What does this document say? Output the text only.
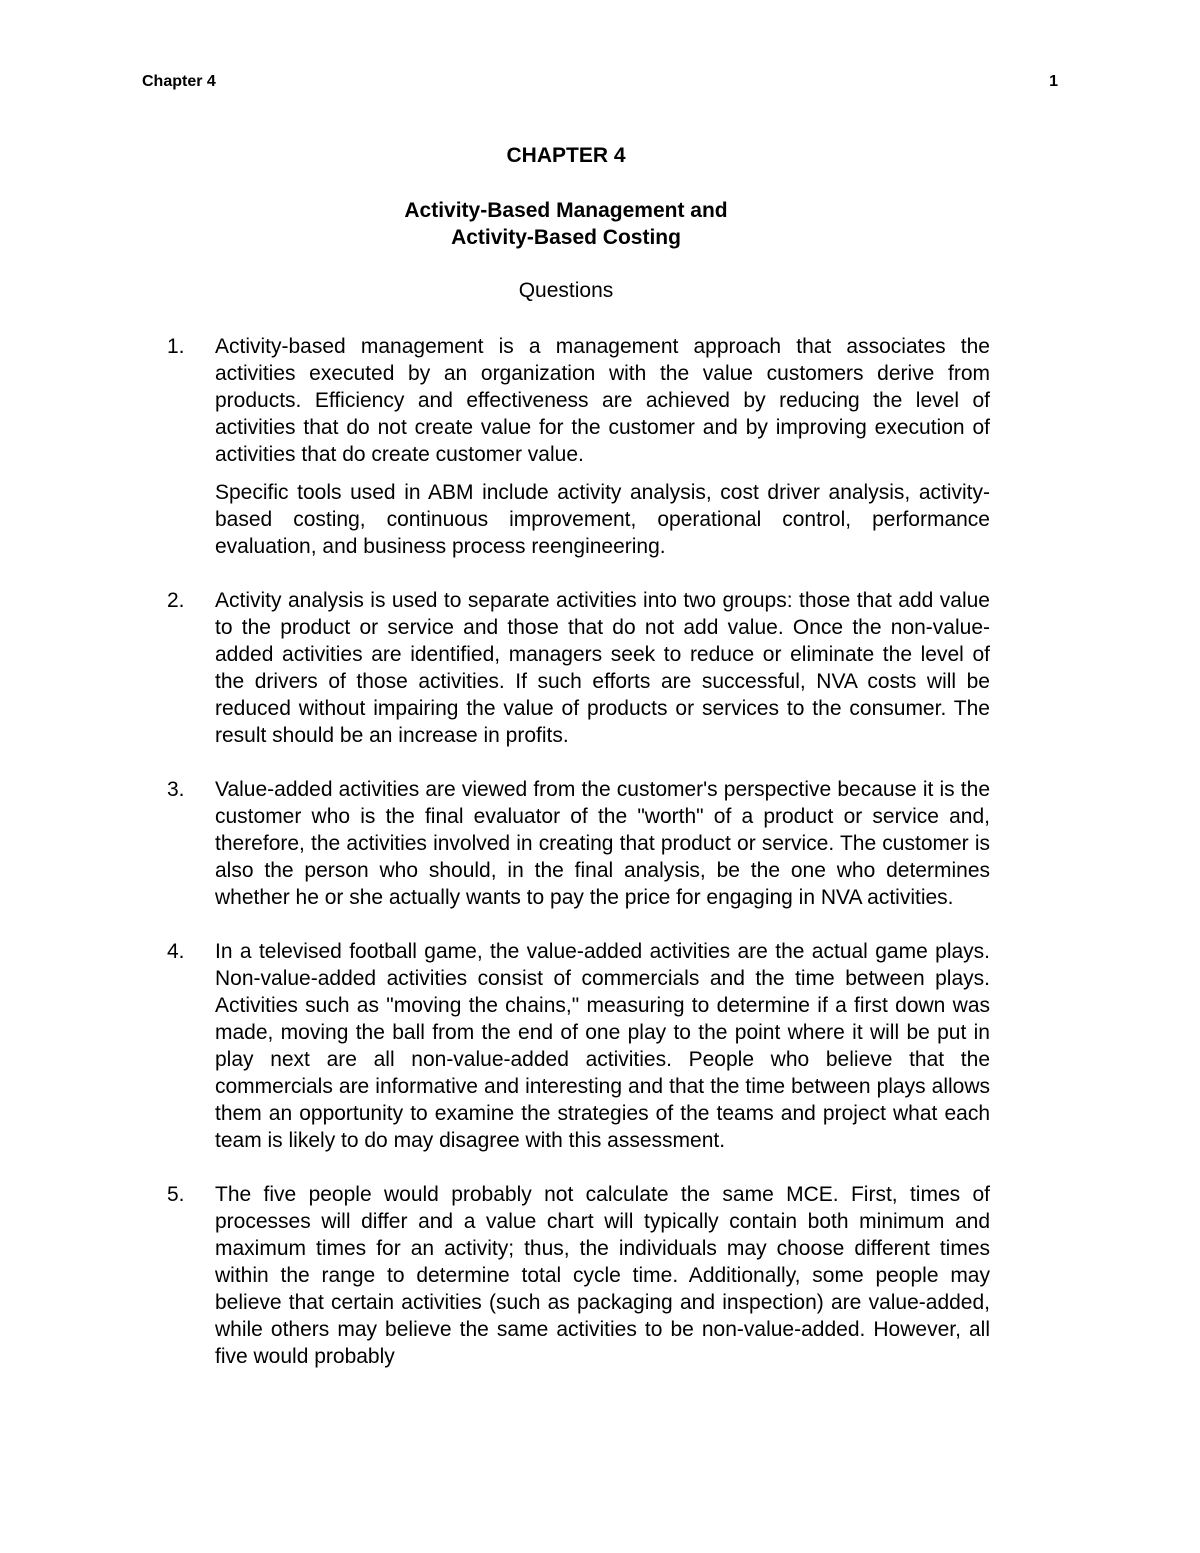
Chapter 4	1
CHAPTER 4
Activity-Based Management and
Activity-Based Costing
Questions
1. Activity-based management is a management approach that associates the activities executed by an organization with the value customers derive from products. Efficiency and effectiveness are achieved by reducing the level of activities that do not create value for the customer and by improving execution of activities that do create customer value.

Specific tools used in ABM include activity analysis, cost driver analysis, activity-based costing, continuous improvement, operational control, performance evaluation, and business process reengineering.

2. Activity analysis is used to separate activities into two groups: those that add value to the product or service and those that do not add value. Once the non-value-added activities are identified, managers seek to reduce or eliminate the level of the drivers of those activities. If such efforts are successful, NVA costs will be reduced without impairing the value of products or services to the consumer. The result should be an increase in profits.

3. Value-added activities are viewed from the customer's perspective because it is the customer who is the final evaluator of the "worth" of a product or service and, therefore, the activities involved in creating that product or service. The customer is also the person who should, in the final analysis, be the one who determines whether he or she actually wants to pay the price for engaging in NVA activities.

4. In a televised football game, the value-added activities are the actual game plays. Non-value-added activities consist of commercials and the time between plays. Activities such as "moving the chains," measuring to determine if a first down was made, moving the ball from the end of one play to the point where it will be put in play next are all non-value-added activities. People who believe that the commercials are informative and interesting and that the time between plays allows them an opportunity to examine the strategies of the teams and project what each team is likely to do may disagree with this assessment.

5. The five people would probably not calculate the same MCE. First, times of processes will differ and a value chart will typically contain both minimum and maximum times for an activity; thus, the individuals may choose different times within the range to determine total cycle time. Additionally, some people may believe that certain activities (such as packaging and inspection) are value-added, while others may believe the same activities to be non-value-added. However, all five would probably
